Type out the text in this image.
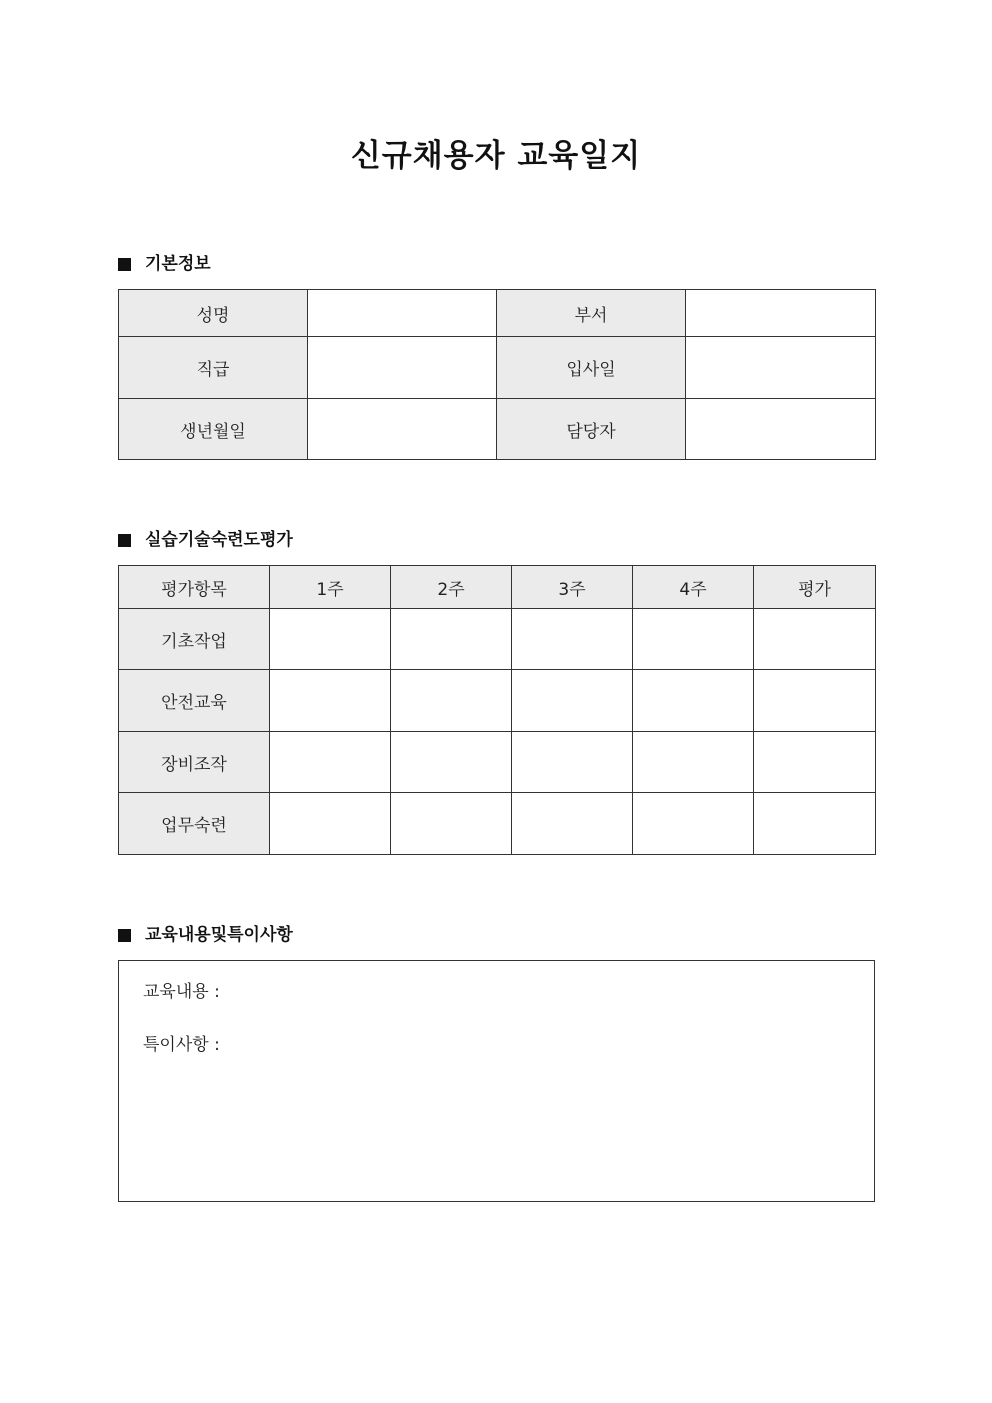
신규채용자 교육일지
기본정보
성명		부서	
직급		입사일	
생년월일		담당자	
실습기술숙련도평가
평가항목	1주	2주	3주	4주	평가
기초작업					
안전교육					
장비조작					
업무숙련					
교육내용및특이사항
교육내용 :
특이사항 :
